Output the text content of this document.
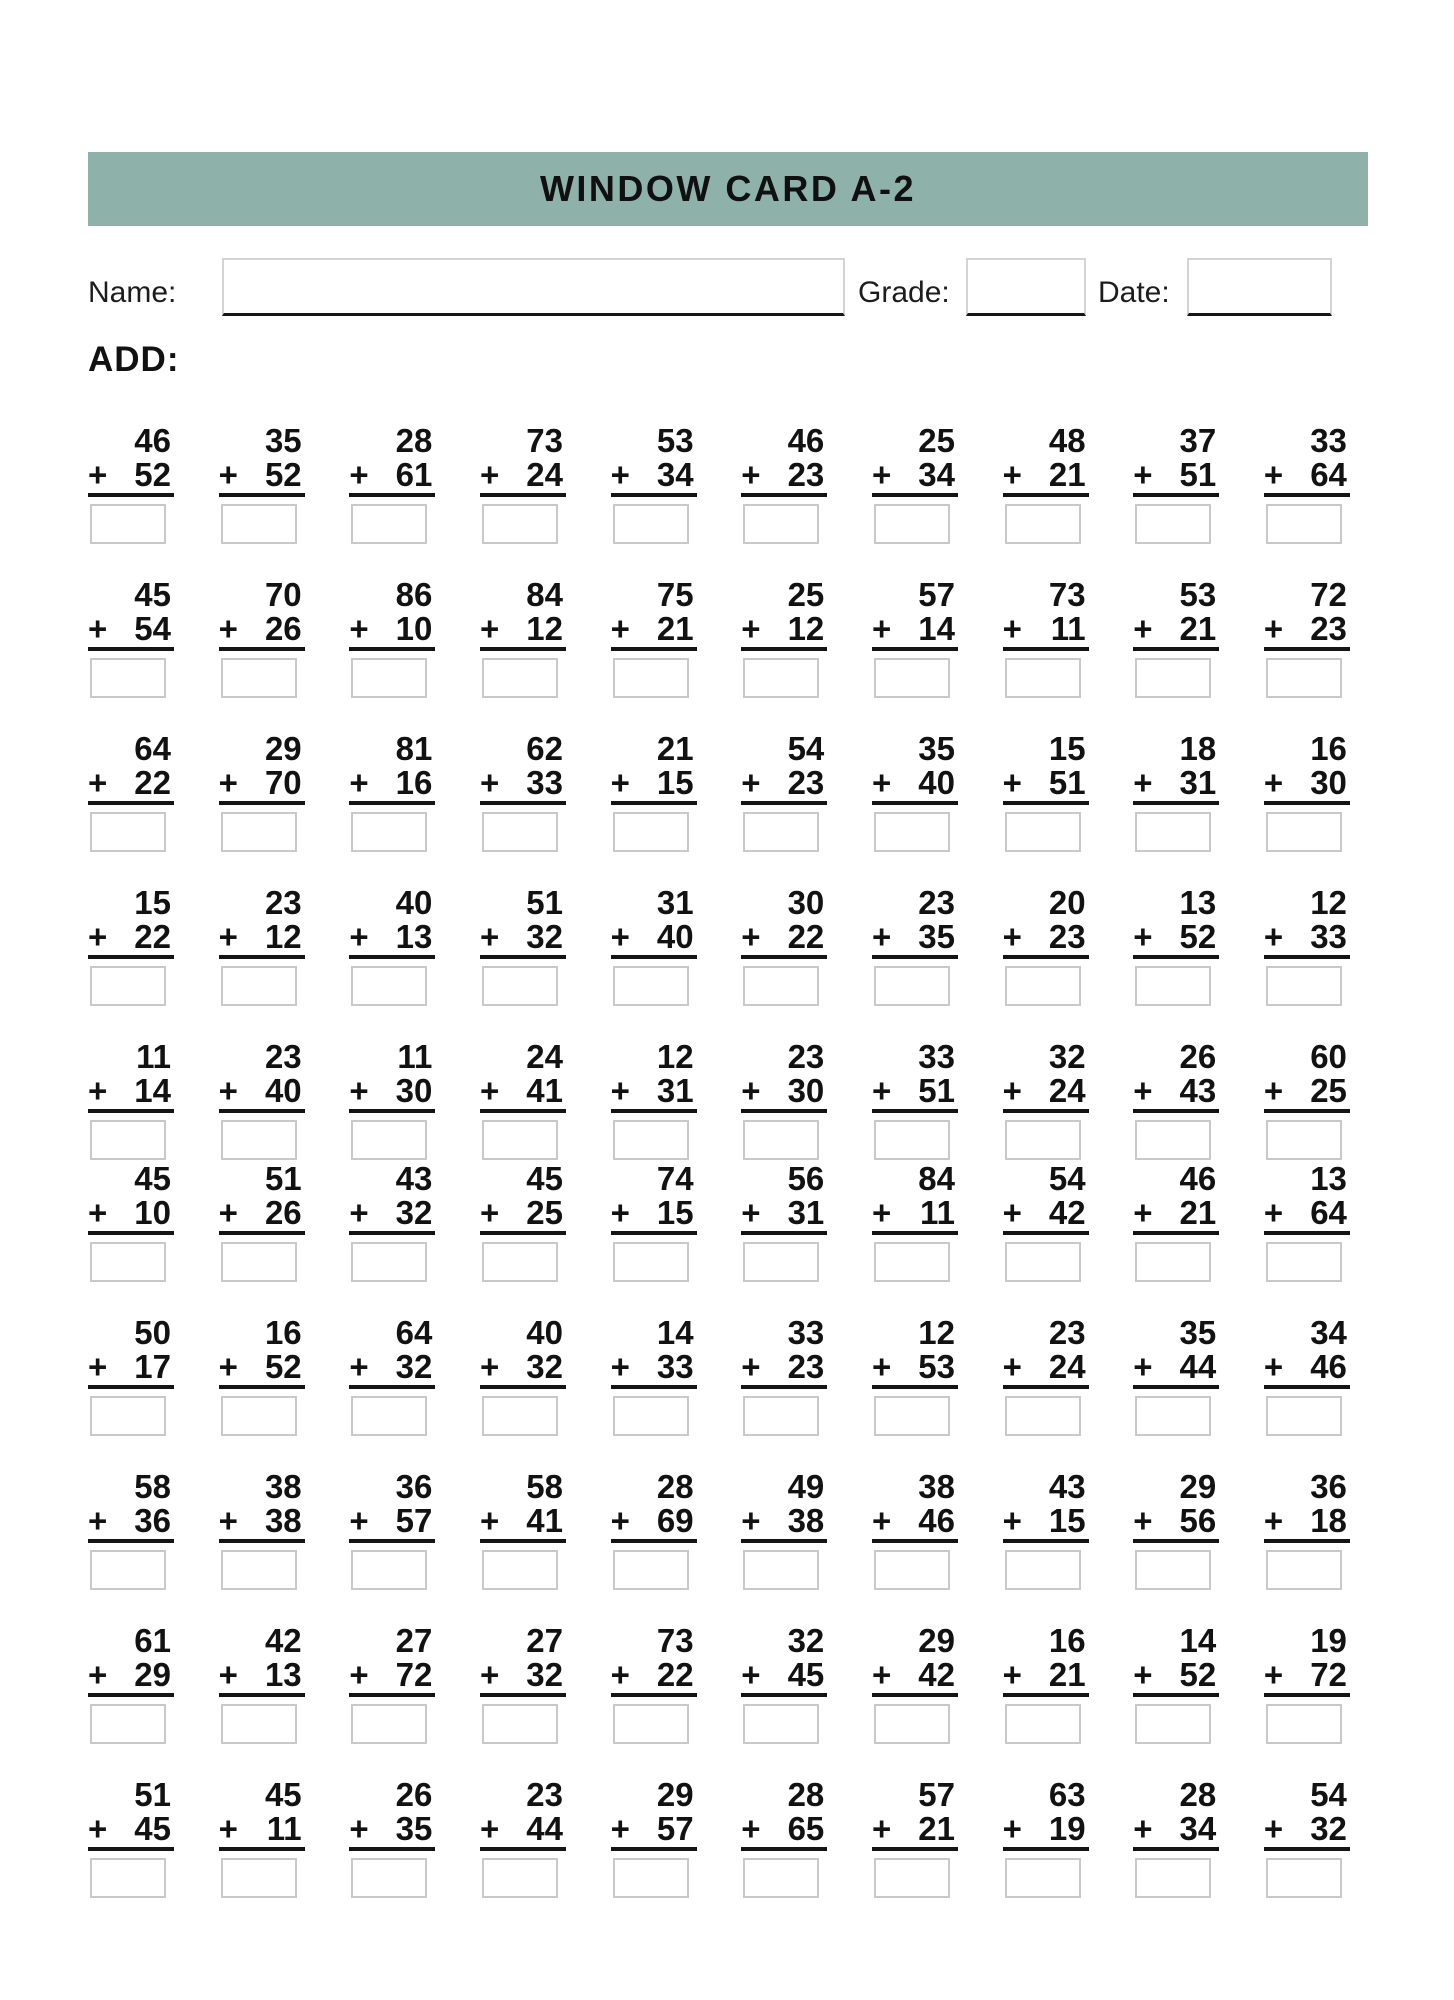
WINDOW CARD A-2
Name:	Grade:	Date:
ADD:
46
+ 52
35
+ 52
28
+ 61
73
+ 24
53
+ 34
46
+ 23
25
+ 34
48
+ 21
37
+ 51
33
+ 64
45
+ 54
70
+ 26
86
+ 10
84
+ 12
75
+ 21
25
+ 12
57
+ 14
73
+ 11
53
+ 21
72
+ 23
64
+ 22
29
+ 70
81
+ 16
62
+ 33
21
+ 15
54
+ 23
35
+ 40
15
+ 51
18
+ 31
16
+ 30
15
+ 22
23
+ 12
40
+ 13
51
+ 32
31
+ 40
30
+ 22
23
+ 35
20
+ 23
13
+ 52
12
+ 33
11
+ 14
23
+ 40
11
+ 30
24
+ 41
12
+ 31
23
+ 30
33
+ 51
32
+ 24
26
+ 43
60
+ 25
45
+ 10
51
+ 26
43
+ 32
45
+ 25
74
+ 15
56
+ 31
84
+ 11
54
+ 42
46
+ 21
13
+ 64
50
+ 17
16
+ 52
64
+ 32
40
+ 32
14
+ 33
33
+ 23
12
+ 53
23
+ 24
35
+ 44
34
+ 46
58
+ 36
38
+ 38
36
+ 57
58
+ 41
28
+ 69
49
+ 38
38
+ 46
43
+ 15
29
+ 56
36
+ 18
61
+ 29
42
+ 13
27
+ 72
27
+ 32
73
+ 22
32
+ 45
29
+ 42
16
+ 21
14
+ 52
19
+ 72
51
+ 45
45
+ 11
26
+ 35
23
+ 44
29
+ 57
28
+ 65
57
+ 21
63
+ 19
28
+ 34
54
+ 32
